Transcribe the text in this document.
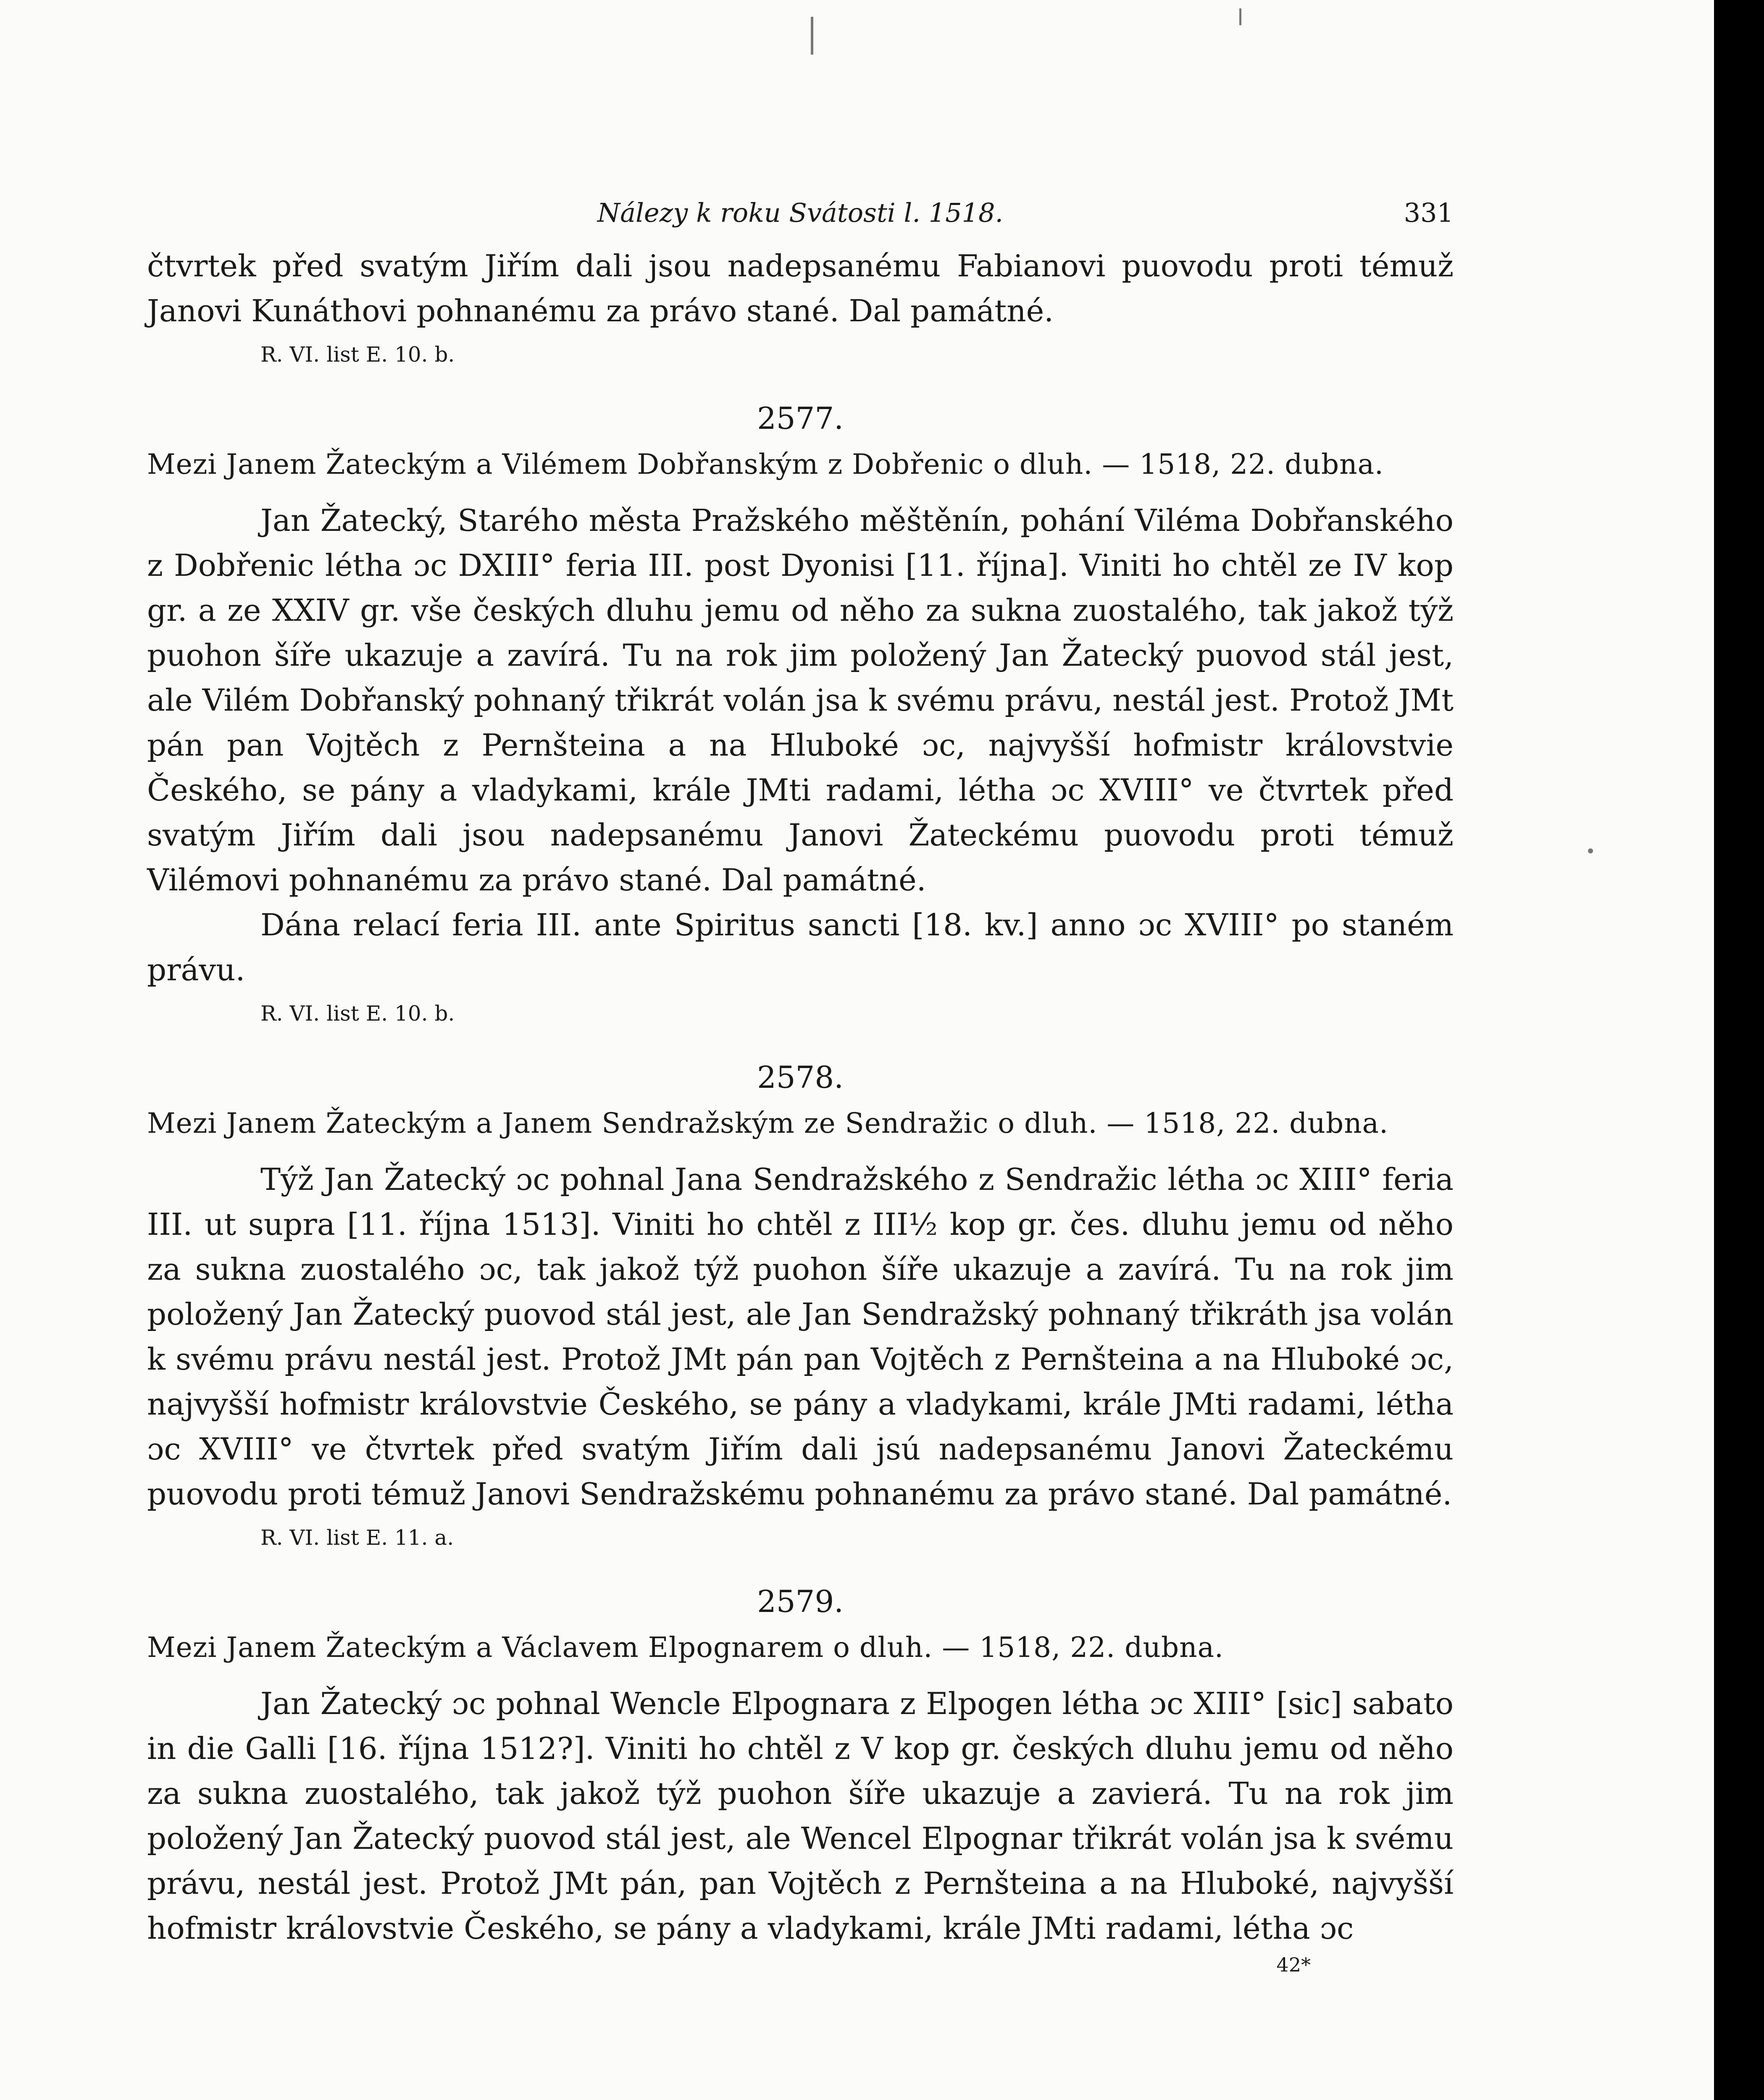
Nálezy k roku Svátosti l. 1518.	331

čtvrtek před svatým Jiřím dali jsou nadepsanému Fabianovi puovodu proti témuž Janovi Kunáthovi pohnanému za právo stané. Dal památné.

R. VI. list E. 10. b.
2577.
Mezi Janem Žateckým a Vilémem Dobřanským z Dobřenic o dluh. — 1518, 22. dubna.

Jan Žatecký, Starého města Pražského měštěnín, pohání Viléma Dobřanského z Dobřenic létha ɔc DXIII° feria III. post Dyonisi [11. října]. Viniti ho chtěl ze IV kop gr. a ze XXIV gr. vše českých dluhu jemu od něho za sukna zuostalého, tak jakož týž puohon šíře ukazuje a zavírá. Tu na rok jim položený Jan Žatecký puovod stál jest, ale Vilém Dobřanský pohnaný třikrát volán jsa k svému právu, nestál jest. Protož JMt pán pan Vojtěch z Pernšteina a na Hluboké ɔc, najvyšší hofmistr královstvie Českého, se pány a vladykami, krále JMti radami, létha ɔc XVIII° ve čtvrtek před svatým Jiřím dali jsou nadepsanému Janovi Žateckému puovodu proti témuž Vilémovi pohnanému za právo stané. Dal památné.

Dána relací feria III. ante Spiritus sancti [18. kv.] anno ɔc XVIII° po staném právu.

R. VI. list E. 10. b.
2578.
Mezi Janem Žateckým a Janem Sendražským ze Sendražic o dluh. — 1518, 22. dubna.

Týž Jan Žatecký ɔc pohnal Jana Sendražského z Sendražic létha ɔc XIII° feria III. ut supra [11. října 1513]. Viniti ho chtěl z III½ kop gr. čes. dluhu jemu od něho za sukna zuostalého ɔc, tak jakož týž puohon šíře ukazuje a zavírá. Tu na rok jim položený Jan Žatecký puovod stál jest, ale Jan Sendražský pohnaný třikráth jsa volán k svému právu nestál jest. Protož JMt pán pan Vojtěch z Pernšteina a na Hluboké ɔc, najvyšší hofmistr královstvie Českého, se pány a vladykami, krále JMti radami, létha ɔc XVIII° ve čtvrtek před svatým Jiřím dali jsú nadepsanému Janovi Žateckému puovodu proti témuž Janovi Sendražskému pohnanému za právo stané. Dal památné.

R. VI. list E. 11. a.
2579.
Mezi Janem Žateckým a Václavem Elpognarem o dluh. — 1518, 22. dubna.

Jan Žatecký ɔc pohnal Wencle Elpognara z Elpogen létha ɔc XIII° [sic] sabato in die Galli [16. října 1512?]. Viniti ho chtěl z V kop gr. českých dluhu jemu od něho za sukna zuostalého, tak jakož týž puohon šíře ukazuje a zavierá. Tu na rok jim položený Jan Žatecký puovod stál jest, ale Wencel Elpognar třikrát volán jsa k svému právu, nestál jest. Protož JMt pán, pan Vojtěch z Pernšteina a na Hluboké, najvyšší hofmistr královstvie Českého, se pány a vladykami, krále JMti radami, létha ɔc

42*
